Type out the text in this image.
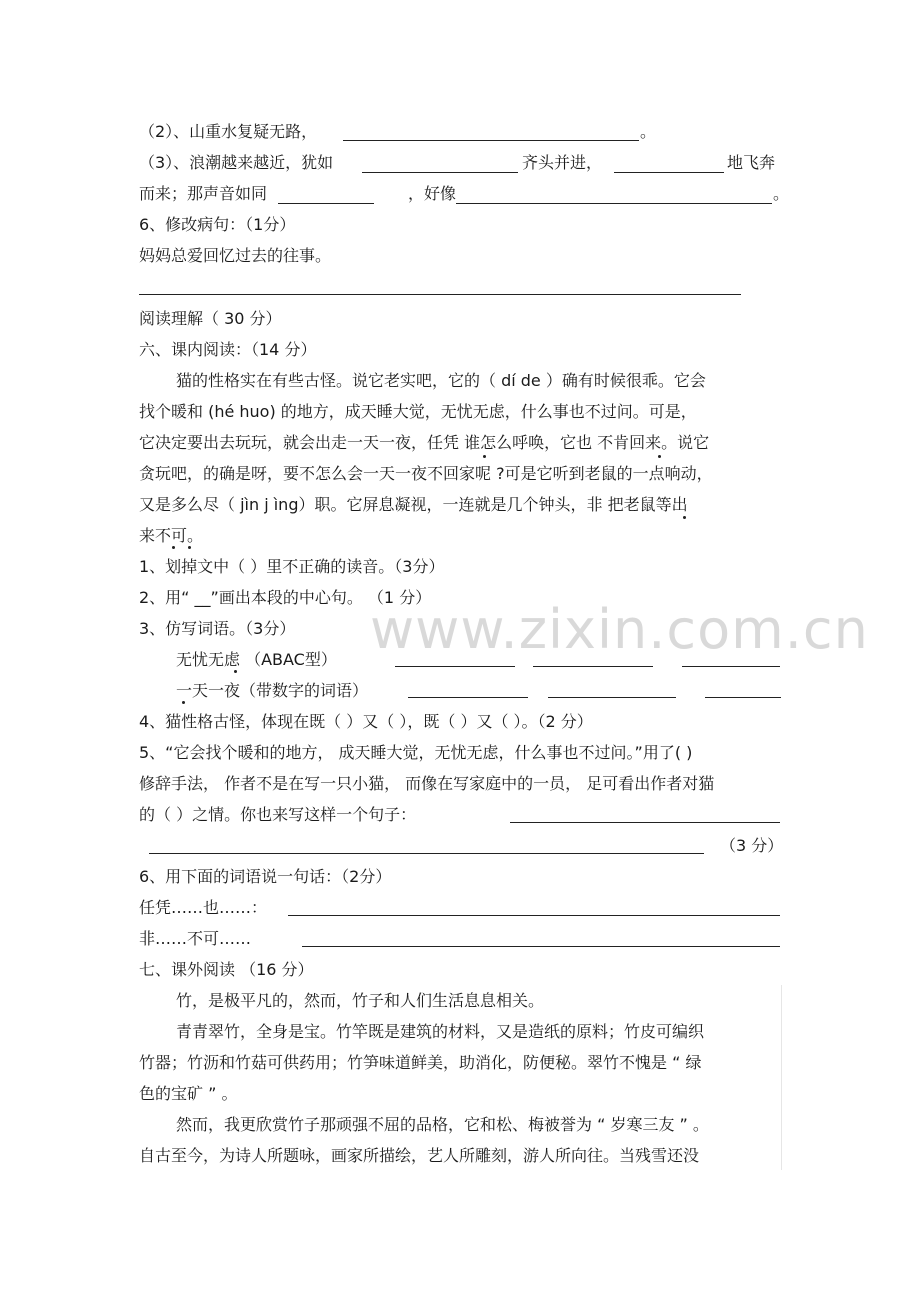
www.zixin.com.cn
（2）、山重水复疑无路，	。
（3）、浪潮越来越近，犹如	齐头并进，	地飞奔
而来；那声音如同	，好像	。
6、修改病句：（1分）
妈妈总爱回忆过去的往事。
阅读理解（ 30 分）
六、课内阅读：（14 分）
猫的性格实在有些古怪。说它老实吧，它的（ dí de ）确有时候很乖。它会
找个暖和 (hé huo) 的地方，成天睡大觉，无忧无虑，什么事也不过问。可是，
它决定要出去玩玩，就会出走一天一夜，任凭 谁怎么呼唤，它也 不肯回来。说它
贪玩吧，的确是呀，要不怎么会一天一夜不回家呢 ?可是它听到老鼠的一点响动，
又是多么尽（ jìn j ìng）职。它屏息凝视，一连就是几个钟头，非 把老鼠等出
来不可。
1、划掉文中（ ）里不正确的读音。（3分）
2、用“ __”画出本段的中心句。 （1 分）
3、仿写词语。（3分）
无忧无虑 （ABAC型）
一天一夜（带数字的词语）
4、猫性格古怪，体现在既（ ）又（ ），既（ ）又（ ）。（2 分）
5、“它会找个暖和的地方， 成天睡大觉，无忧无虑，什么事也不过问。”用了( )
修辞手法， 作者不是在写一只小猫， 而像在写家庭中的一员， 足可看出作者对猫
的（ ）之情。你也来写这样一个句子：
（3 分）
6、用下面的词语说一句话：（2分）
任凭……也……：
非……不可……
七、课外阅读 （16 分）
竹，是极平凡的，然而，竹子和人们生活息息相关。
青青翠竹，全身是宝。竹竿既是建筑的材料，又是造纸的原料；竹皮可编织
竹器；竹沥和竹菇可供药用；竹笋味道鲜美，助消化，防便秘。翠竹不愧是 “ 绿
色的宝矿 ” 。
然而，我更欣赏竹子那顽强不屈的品格，它和松、梅被誉为 “ 岁寒三友 ” 。
自古至今，为诗人所题咏，画家所描绘，艺人所雕刻，游人所向往。当残雪还没
